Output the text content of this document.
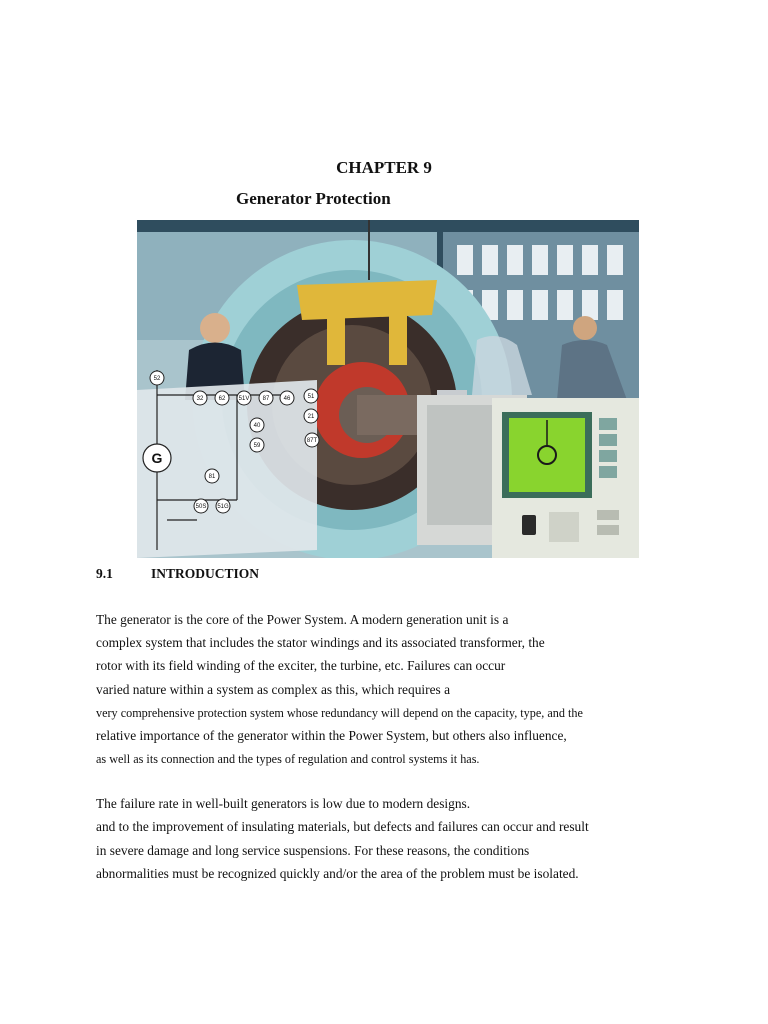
CHAPTER 9
Generator Protection
52
32	62 51V 87 46	51
21
40
59
81
50S 51G
87T
G
9.1	INTRODUCTION
The generator is the core of the Power System. A modern generation unit is a
complex system that includes the stator windings and its associated transformer, the
rotor with its field winding of the exciter, the turbine, etc. Failures can occur
varied nature within a system as complex as this, which requires a
very comprehensive protection system whose redundancy will depend on the capacity, type, and the
relative importance of the generator within the Power System, but others also influence,
as well as its connection and the types of regulation and control systems it has.
The failure rate in well-built generators is low due to modern designs.
and to the improvement of insulating materials, but defects and failures can occur and result
in severe damage and long service suspensions. For these reasons, the conditions
abnormalities must be recognized quickly and/or the area of the problem must be isolated.
